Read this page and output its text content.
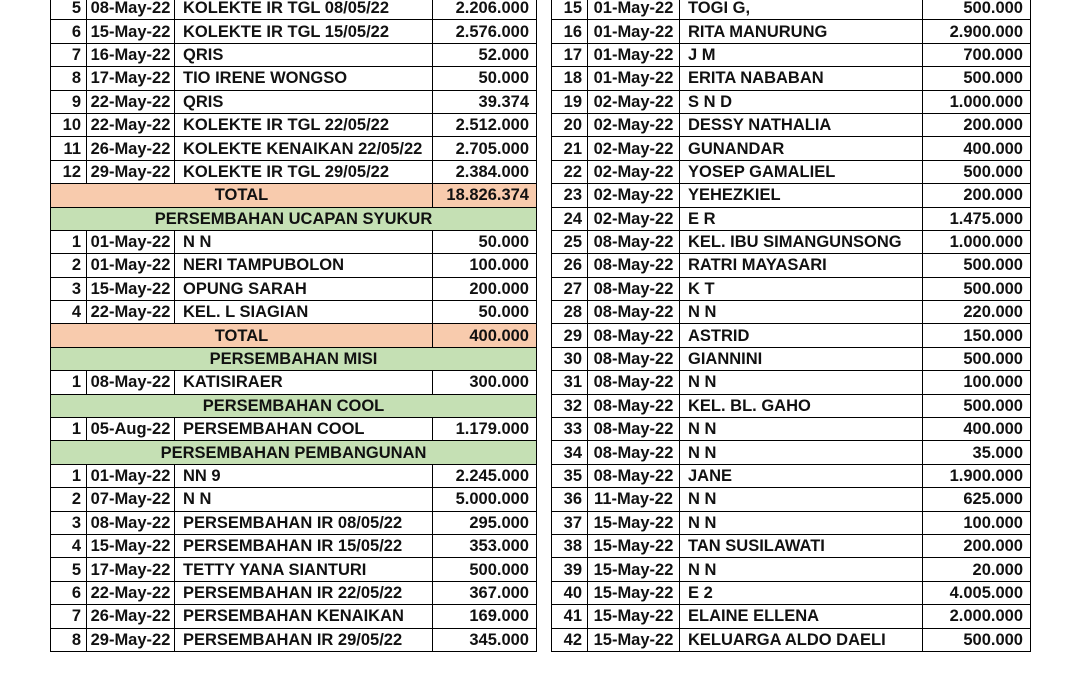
5	08-May-22	KOLEKTE IR TGL 08/05/22	2.206.000
6	15-May-22	KOLEKTE IR TGL 15/05/22	2.576.000
7	16-May-22	QRIS	52.000
8	17-May-22	TIO IRENE WONGSO	50.000
9	22-May-22	QRIS	39.374
10	22-May-22	KOLEKTE IR TGL 22/05/22	2.512.000
11	26-May-22	KOLEKTE KENAIKAN 22/05/22	2.705.000
12	29-May-22	KOLEKTE IR TGL 29/05/22	2.384.000
TOTAL			18.826.374
PERSEMBAHAN UCAPAN SYUKUR			
1	01-May-22	N N	50.000
2	01-May-22	NERI TAMPUBOLON	100.000
3	15-May-22	OPUNG SARAH	200.000
4	22-May-22	KEL. L SIAGIAN	50.000
TOTAL			400.000
PERSEMBAHAN MISI			
1	08-May-22	KATISIRAER	300.000
PERSEMBAHAN COOL			
1	05-Aug-22	PERSEMBAHAN COOL	1.179.000
PERSEMBAHAN PEMBANGUNAN			
1	01-May-22	NN 9	2.245.000
2	07-May-22	N N	5.000.000
3	08-May-22	PERSEMBAHAN IR 08/05/22	295.000
4	15-May-22	PERSEMBAHAN IR 15/05/22	353.000
5	17-May-22	TETTY YANA SIANTURI	500.000
6	22-May-22	PERSEMBAHAN IR 22/05/22	367.000
7	26-May-22	PERSEMBAHAN KENAIKAN	169.000
8	29-May-22	PERSEMBAHAN IR 29/05/22	345.000
15	01-May-22	TOGI G,	500.000
16	01-May-22	RITA MANURUNG	2.900.000
17	01-May-22	J M	700.000
18	01-May-22	ERITA NABABAN	500.000
19	02-May-22	S N D	1.000.000
20	02-May-22	DESSY NATHALIA	200.000
21	02-May-22	GUNANDAR	400.000
22	02-May-22	YOSEP GAMALIEL	500.000
23	02-May-22	YEHEZKIEL	200.000
24	02-May-22	E R	1.475.000
25	08-May-22	KEL. IBU SIMANGUNSONG	1.000.000
26	08-May-22	RATRI MAYASARI	500.000
27	08-May-22	K T	500.000
28	08-May-22	N N	220.000
29	08-May-22	ASTRID	150.000
30	08-May-22	GIANNINI	500.000
31	08-May-22	N N	100.000
32	08-May-22	KEL. BL. GAHO	500.000
33	08-May-22	N N	400.000
34	08-May-22	N N	35.000
35	08-May-22	JANE	1.900.000
36	11-May-22	N N	625.000
37	15-May-22	N N	100.000
38	15-May-22	TAN SUSILAWATI	200.000
39	15-May-22	N N	20.000
40	15-May-22	E 2	4.005.000
41	15-May-22	ELAINE ELLENA	2.000.000
42	15-May-22	KELUARGA ALDO DAELI	500.000
